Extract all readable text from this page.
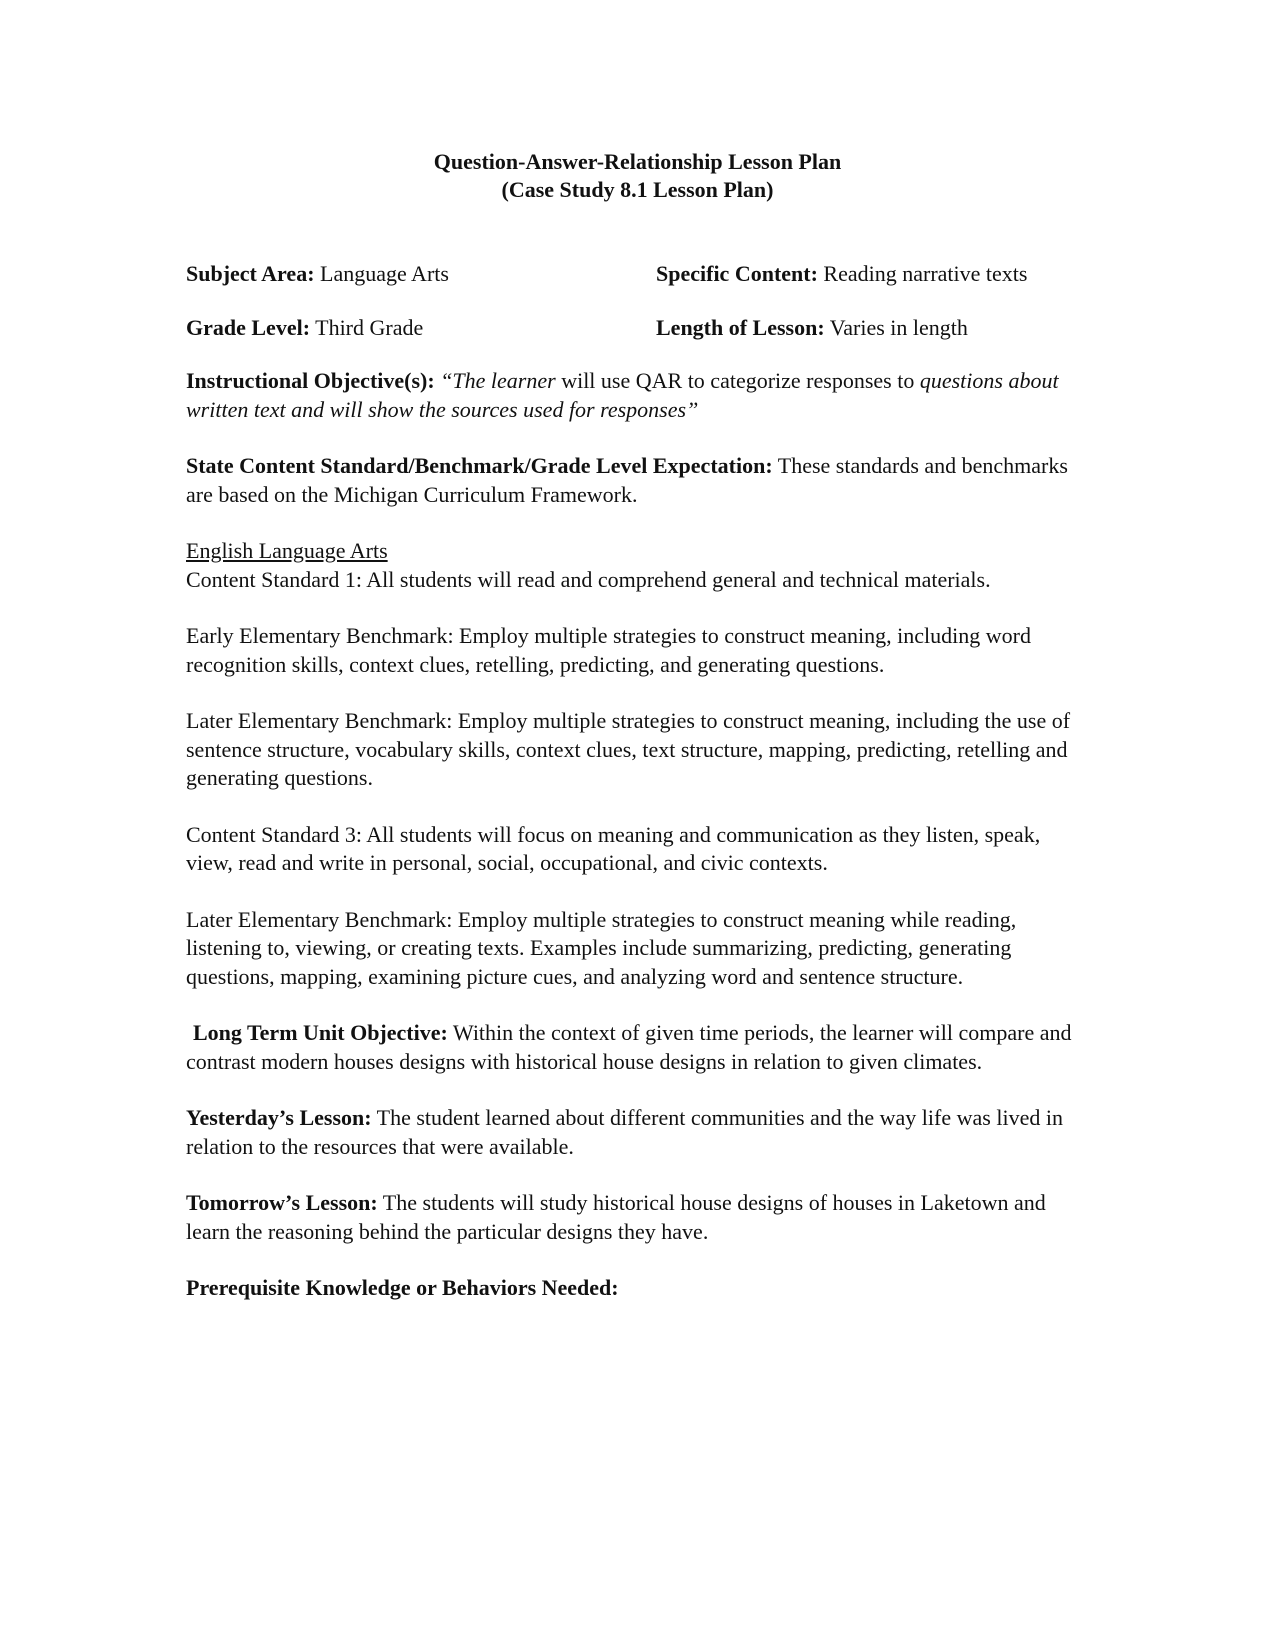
Question-Answer-Relationship Lesson Plan
(Case Study 8.1 Lesson Plan)
Subject Area: Language Arts	Specific Content: Reading narrative texts
Grade Level: Third Grade	Length of Lesson: Varies in length

Instructional Objective(s): “The learner will use QAR to categorize responses to questions about written text and will show the sources used for responses”

State Content Standard/Benchmark/Grade Level Expectation: These standards and benchmarks are based on the Michigan Curriculum Framework.

English Language Arts

Content Standard 1: All students will read and comprehend general and technical materials.

Early Elementary Benchmark: Employ multiple strategies to construct meaning, including word recognition skills, context clues, retelling, predicting, and generating questions.

Later Elementary Benchmark: Employ multiple strategies to construct meaning, including the use of sentence structure, vocabulary skills, context clues, text structure, mapping, predicting, retelling and generating questions.

Content Standard 3: All students will focus on meaning and communication as they listen, speak, view, read and write in personal, social, occupational, and civic contexts.

Later Elementary Benchmark: Employ multiple strategies to construct meaning while reading, listening to, viewing, or creating texts. Examples include summarizing, predicting, generating questions, mapping, examining picture cues, and analyzing word and sentence structure.

Long Term Unit Objective: Within the context of given time periods, the learner will compare and contrast modern houses designs with historical house designs in relation to given climates.

Yesterday’s Lesson: The student learned about different communities and the way life was lived in relation to the resources that were available.

Tomorrow’s Lesson: The students will study historical house designs of houses in Laketown and learn the reasoning behind the particular designs they have.

Prerequisite Knowledge or Behaviors Needed:
